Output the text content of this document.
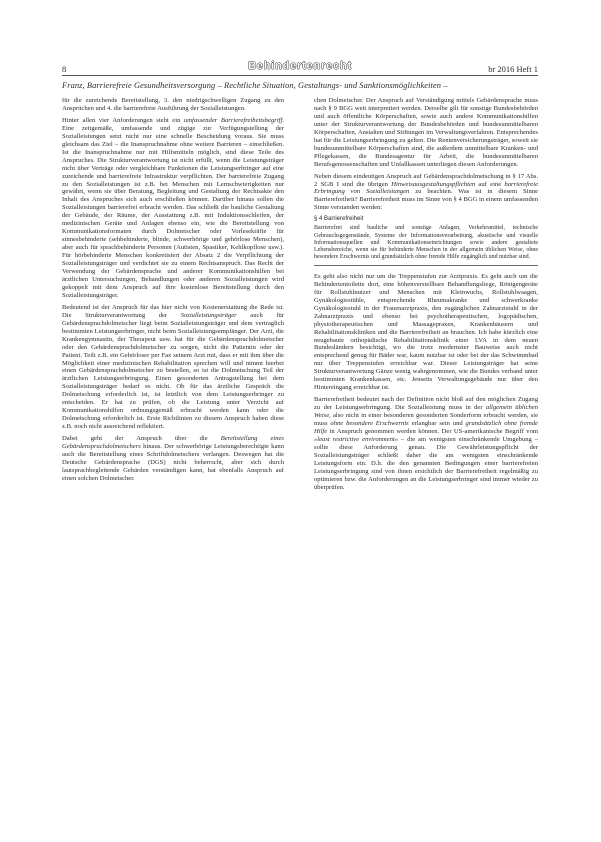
8	Behindertenrecht	br 2016 Heft 1
Franz, Barrierefreie Gesundheitsversorgung – Rechtliche Situation, Gestaltungs- und Sanktionsmöglichkeiten –

für die zureichende Bereitstellung, 3. den niedrigschwelligen Zugang zu den Ansprüchen und 4. die barrierefreie Ausführung der Sozialleistungen.

Hinter allen vier Anforderungen steht ein umfassender Barrierefreiheitsbegriff. Eine zeitgemäße, umfassende und zügige zur Verfügungstellung der Sozialleistungen setzt nicht nur eine schnelle Bescheidung voraus. Sie muss gleichsam das Ziel – die Inanspruchnahme ohne weitere Barrieren – einschließen. Ist die Inanspruchnahme nur mit Hilfsmitteln möglich, sind diese Teile des Anspruches. Die Strukturverantwortung ist nicht erfüllt, wenn die Leistungsträger nicht über Verträge oder vergleichbare Funktionen die Leistungserbringer auf eine zureichende und barrierefreie Infrastruktur verpflichten. Der barrierefreie Zugang zu den Sozialleistungen ist z.B. bei Menschen mit Lernschwierigkeiten nur gewährt, wenn sie über Beratung, Begleitung und Gestaltung der Rechtsakte den Inhalt des Anspruches sich auch erschließen können. Darüber hinaus sollen die Sozialleistungen barrierefrei erbracht werden. Das schließt die bauliche Gestaltung der Gebäude, der Räume, der Ausstattung z.B. mit Induktionsschleifen, der medizinischen Geräte und Anlagen ebenso ein, wie die Bereitstellung von Kommunikationsformaten durch Dolmetscher oder Vorlesekräfte für sinnesbehinderte (sehbehinderte, blinde, schwerhörige und gehörlose Menschen), aber auch für sprachbehinderte Personen (Autisten, Spastiker, Kehlkopflose usw.). Für hörbehinderte Menschen konkretisiert der Absatz 2 die Verpflichtung der Sozialleistungsträger und verdichtet sie zu einem Rechtsanspruch. Das Recht der Verwendung der Gebärdensprache und anderer Kommunikationshilfen bei ärztlichen Untersuchungen, Behandlungen oder anderen Sozialleistungen wird gekoppelt mit dem Anspruch auf ihre kostenlose Bereitstellung durch den Sozialleistungsträger.

Bedeutend ist der Anspruch für das hier nicht von Kostenerstattung die Rede ist. Die Strukturverantwortung der Sozialleistungsträger auch für Gebärdensprachdolmetscher liegt beim Sozialleistungsträger und dem vertraglich bestimmten Leistungserbringer, nicht beim Sozialleistungsempfänger. Der Arzt, die Krankengymnastin, der Therapeut usw. hat für die Gebärdensprachdolmetscher oder den Gebärdensprachdolmetscher zu sorgen, nicht die Patientin oder der Patient. Teilt z.B. ein Gehörloser per Fax seinem Arzt mit, dass er mit ihm über die Möglichkeit einer medizinischen Rehabilitation sprechen will und nimmt hierbei einen Gebärdensprachdolmetscher zu bestellen, so ist die Dolmetschung Teil der ärztlichen Leistungserbringung. Einen gesonderten Antragstellung bei dem Sozialleistungsträger bedarf es nicht. Ob für das ärztliche Gespräch die Dolmetschung erforderlich ist, ist letztlich von dem Leistungserbringer zu entscheiden. Er hat zu prüfen, ob die Leistung unter Verzicht auf Kommunikationshilfen ordnungsgemäß erbracht werden kann oder die Dolmetschung erforderlich ist. Erste Richtlinien zu diesem Anspruch haben diese z.B. noch nicht ausreichend reflektiert.

Dabei geht der Anspruch über die Bereitstellung eines Gebärdensprachdolmetschers hinaus. Der schwerhörige Leistungsberechtigte kann auch die Bereitstellung eines Schriftdolmetschers verlangen. Deswegen hat die Deutsche Gebärdensprache (DGS) nicht beherrscht, aber sich durch lautsprachbegleitende Gebärden verständigen kann, hat ebenfalls Anspruch auf einen solchen Dolmetscher.

chen Dolmetscher. Der Anspruch auf Verständigung mittels Gebärdensprache muss nach § 9 BGG weit interpretiert werden. Derselbe gilt für sonstige Bundesbehörden und auch öffentliche Körperschaften, sowie auch andere Kommunikationshilfen unter der Strukturverantwortung der Bundesbehörden und bundesunmittelbaren Körperschaften, Anstalten und Stiftungen im Verwaltungsverfahren. Entsprechendes hat für die Leistungserbringung zu gelten. Die Rentenversicherungsträger, soweit sie bundesunmittelbare Körperschaften sind, die außerdem unmittelbare Kranken- und Pflegekassen, die Bundesagentur für Arbeit, die bundesunmittelbaren Berufsgenossenschaften und Unfallkassen unterliegen diesen Anforderungen.

Neben diesem eindeutigen Anspruch auf Gebärdensprachdolmetschung in § 17 Abs. 2 SGB I sind die übrigen Hinweisausgestaltungspflichten auf eine barrierefreie Erbringung von Sozialleistungen zu beachten. Was ist in diesem Sinne Barrierefreiheit? Barrierefreiheit muss im Sinne von § 4 BGG in einem umfassenden Sinne verstanden werden:

§ 4 Barrierefreiheit
Barrierefrei sind bauliche und sonstige Anlagen, Verkehrsmittel, technische Gebrauchsgegenstände, Systeme der Informationsverarbeitung, akustische und visuelle Informationsquellen und Kommunikationseinrichtungen sowie andere gestaltete Lebensbereiche, wenn sie für behinderte Menschen in der allgemein üblichen Weise, ohne besondere Erschwernis und grundsätzlich ohne fremde Hilfe zugänglich und nutzbar sind.

Es geht also nicht nur um die Treppenstufen zur Arztpraxis. Es geht auch um die Behindertentoilette dort, eine höhenverstellbare Behandlungsliege, Röntgengeräte für Rollstuhlnutzer und Menschen mit Kleinwuchs, Rollstuhlwaagen, Gynäkologiestühle, entsprechende Rheumakranke und schwerkranke Gynäkologiestuhl in der Frauenarztpraxis, den zugänglichen Zahnarztstuhl in der Zahnarztpraxis und ebenso bei psychotherapeutischen, logopädischen, physiotherapeutischen und Massagepraxen, Krankenhäusern und Rehabilitationskliniken und die Barrierefreiheit an brauchen. Ich habe kürzlich eine neugebaute orthopädische Rehabilitationsklinik einer LVA in dem neuen Bundesländern besichtigt, wo die trotz modernster Bauweise auch nicht entsprechend genug für Bäder war, kaum nutzbar ist oder bei der das Schwimmbad nur über Treppenstufen erreichbar war. Dieser Leistungsträger hat seine Strukturverantwortung Gänze wenig wahrgenommen, wie die Bundes verband unter bestimmten Krankenkassen, etc. Jenseits Verwaltungsgebäude nur über den Hintereingang erreichbar ist.

Barrierefreiheit bedeutet nach der Definition nicht bloß auf den möglichen Zugang zu der Leistungserbringung. Die Sozialleistung muss in der allgemein üblichen Weise, also nicht in einer besonderen gesonderten Sonderform erbracht werden, sie muss ohne besondere Erschwernis erlangbar sein und grundsätzlich ohne fremde Hilfe in Anspruch genommen werden können. Der US-amerikanische Begriff vom »least restrictive environment« – die am wenigsten einschränkende Umgebung – sollte diese Anforderung genau. Die Gewährleistungspflicht der Sozialleistungsträger schließt daher die am wenigsten einschränkende Leistungsform ein. D.h. die den genannten Bedingungen einer barrierefreien Leistungserbringung sind von ihnen ersichtlich der Barrierefreiheit regelmäßig zu optimieren bzw. die Anforderungen an die Leistungserbringer sind immer wieder zu überprüfen.
